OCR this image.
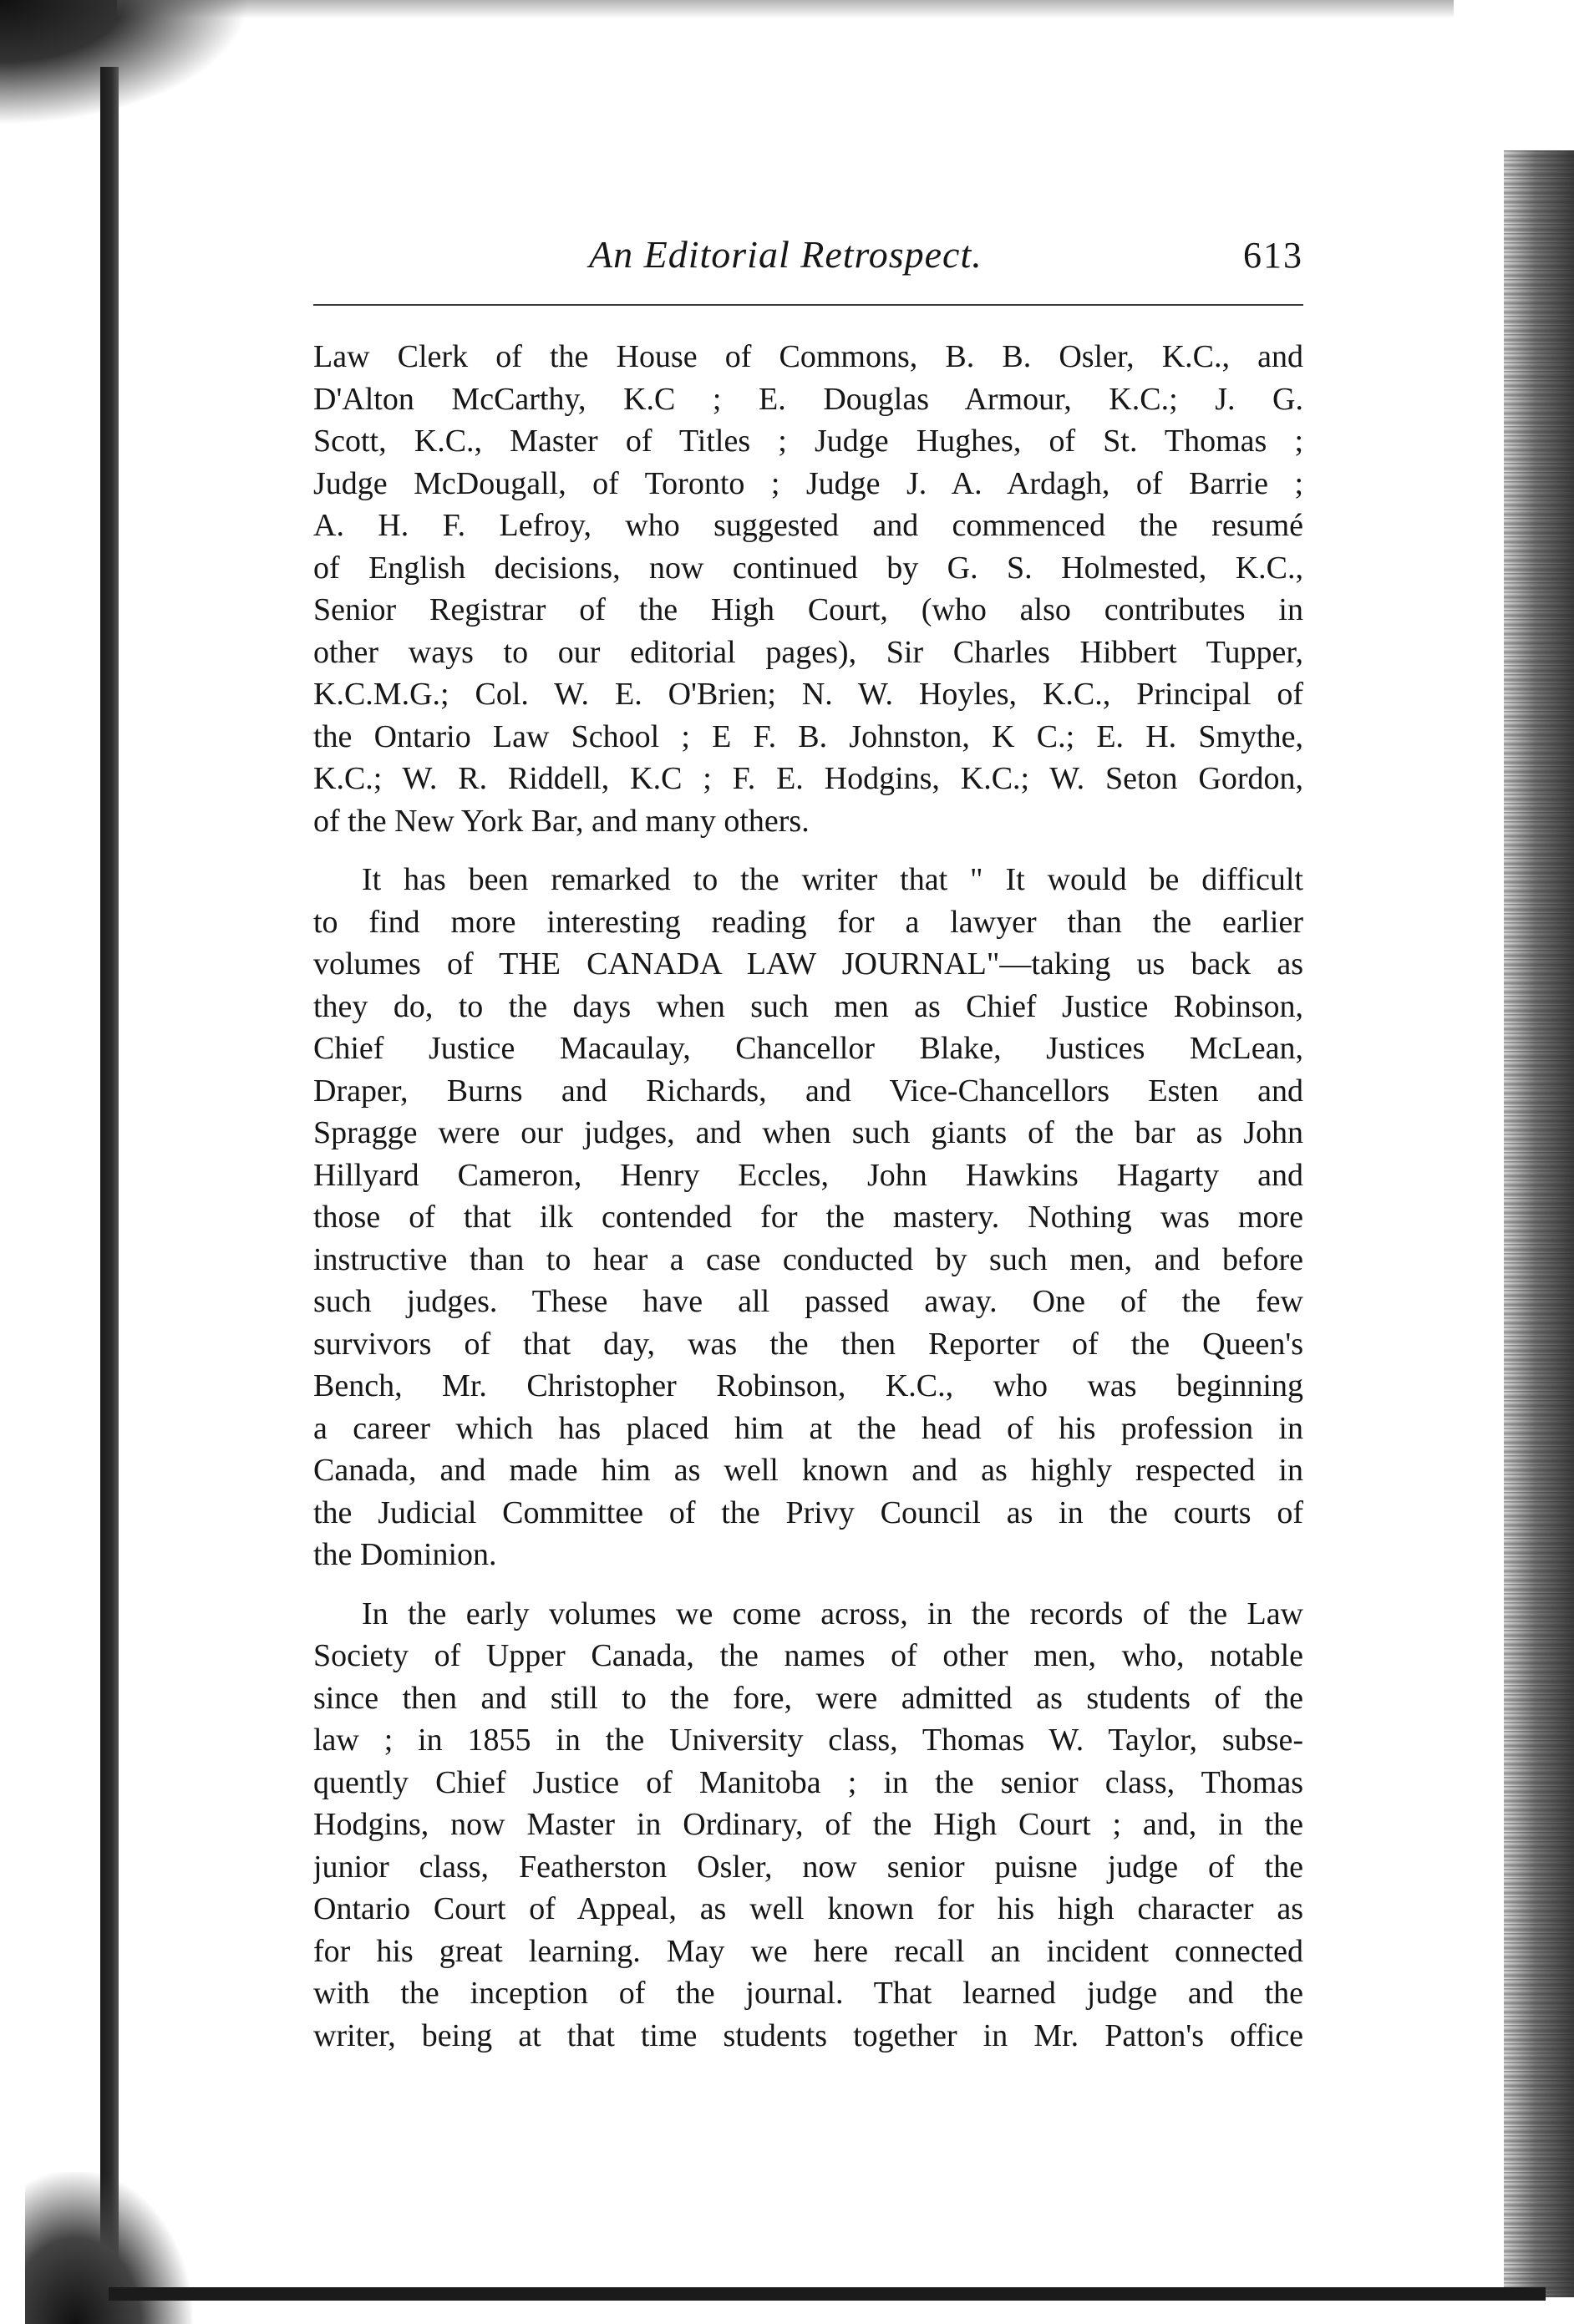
An Editorial Retrospect.	613
Law Clerk of the House of Commons, B. B. Osler, K.C., and
D'Alton McCarthy, K.C ; E. Douglas Armour, K.C.; J. G.
Scott, K.C., Master of Titles ; Judge Hughes, of St. Thomas ;
Judge McDougall, of Toronto ; Judge J. A. Ardagh, of Barrie ;
A. H. F. Lefroy, who suggested and commenced the resumé
of English decisions, now continued by G. S. Holmested, K.C.,
Senior Registrar of the High Court, (who also contributes in
other ways to our editorial pages), Sir Charles Hibbert Tupper,
K.C.M.G.; Col. W. E. O'Brien; N. W. Hoyles, K.C., Principal of
the Ontario Law School ; E F. B. Johnston, K C.; E. H. Smythe,
K.C.; W. R. Riddell, K.C ; F. E. Hodgins, K.C.; W. Seton Gordon,
of the New York Bar, and many others.
It has been remarked to the writer that " It would be difficult
to find more interesting reading for a lawyer than the earlier
volumes of THE CANADA LAW JOURNAL"—taking us back as
they do, to the days when such men as Chief Justice Robinson,
Chief Justice Macaulay, Chancellor Blake, Justices McLean,
Draper, Burns and Richards, and Vice-Chancellors Esten and
Spragge were our judges, and when such giants of the bar as John
Hillyard Cameron, Henry Eccles, John Hawkins Hagarty and
those of that ilk contended for the mastery. Nothing was more
instructive than to hear a case conducted by such men, and before
such judges. These have all passed away. One of the few
survivors of that day, was the then Reporter of the Queen's
Bench, Mr. Christopher Robinson, K.C., who was beginning
a career which has placed him at the head of his profession in
Canada, and made him as well known and as highly respected in
the Judicial Committee of the Privy Council as in the courts of
the Dominion.
In the early volumes we come across, in the records of the Law
Society of Upper Canada, the names of other men, who, notable
since then and still to the fore, were admitted as students of the
law ; in 1855 in the University class, Thomas W. Taylor, subse-
quently Chief Justice of Manitoba ; in the senior class, Thomas
Hodgins, now Master in Ordinary, of the High Court ; and, in the
junior class, Featherston Osler, now senior puisne judge of the
Ontario Court of Appeal, as well known for his high character as
for his great learning. May we here recall an incident connected
with the inception of the journal. That learned judge and the
writer, being at that time students together in Mr. Patton's office
